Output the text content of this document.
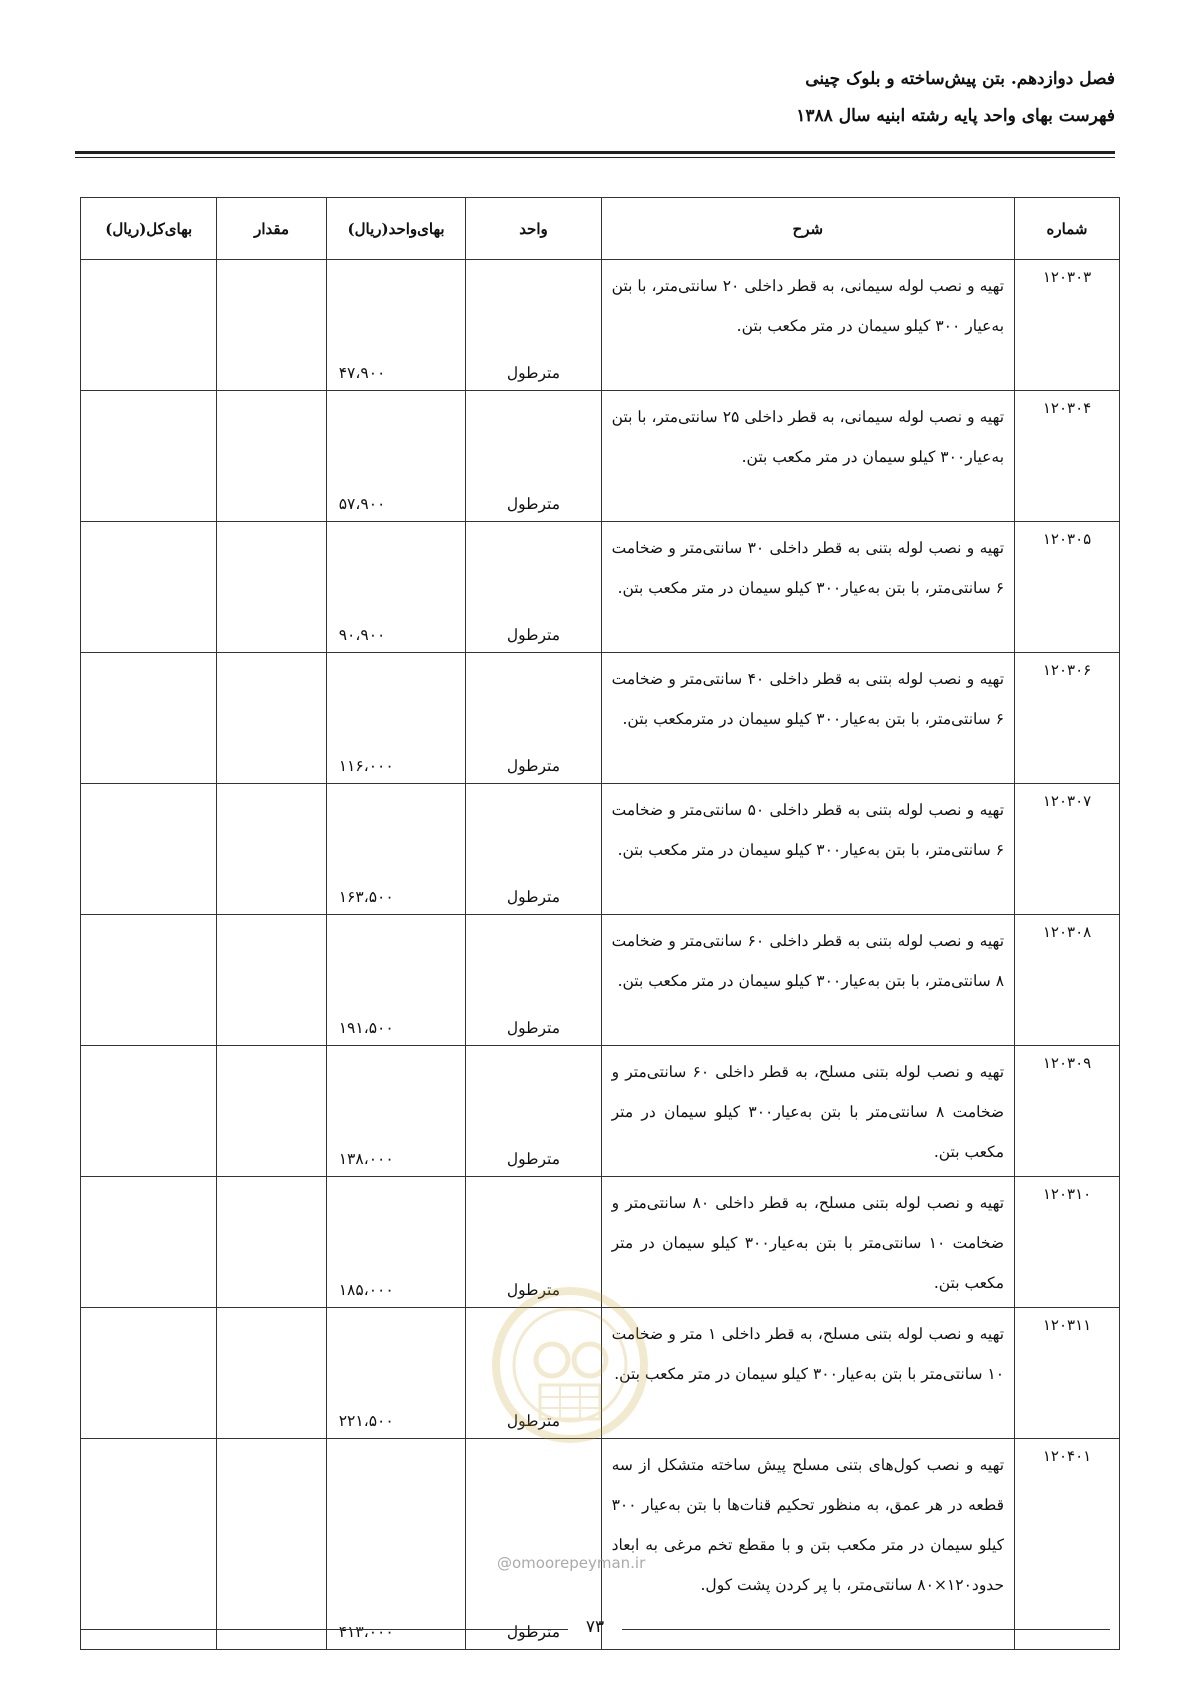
فصل دوازدهم. بتن پیش‌ساخته و بلوک چینی
فهرست بهای واحد پایه رشته ابنیه سال ۱۳۸۸
شماره	شرح	واحد	بهای‌واحد(ریال)	مقدار	بهای‌کل(ریال)
۱۲۰۳۰۳	تهیه و نصب لوله سیمانی، به قطر داخلی ۲۰ سانتی‌متر، با بتن به‌عیار ۳۰۰ کیلو سیمان در متر مکعب بتن.	مترطول	۴۷،۹۰۰		
۱۲۰۳۰۴	تهیه و نصب لوله سیمانی، به قطر داخلی ۲۵ سانتی‌متر، با بتن به‌عیار۳۰۰ کیلو سیمان در متر مکعب بتن.	مترطول	۵۷،۹۰۰		
۱۲۰۳۰۵	تهیه و نصب لوله بتنی به قطر داخلی ۳۰ سانتی‌متر و ضخامت ۶ سانتی‌متر، با بتن به‌عیار۳۰۰ کیلو سیمان در متر مکعب بتن.	مترطول	۹۰،۹۰۰		
۱۲۰۳۰۶	تهیه و نصب لوله بتنی به قطر داخلی ۴۰ سانتی‌متر و ضخامت ۶ سانتی‌متر، با بتن به‌عیار۳۰۰ کیلو سیمان در مترمکعب بتن.	مترطول	۱۱۶،۰۰۰		
۱۲۰۳۰۷	تهیه و نصب لوله بتنی به قطر داخلی ۵۰ سانتی‌متر و ضخامت ۶ سانتی‌متر، با بتن به‌عیار۳۰۰ کیلو سیمان در متر مکعب بتن.	مترطول	۱۶۳،۵۰۰		
۱۲۰۳۰۸	تهیه و نصب لوله بتنی به قطر داخلی ۶۰ سانتی‌متر و ضخامت ۸ سانتی‌متر، با بتن به‌عیار۳۰۰ کیلو سیمان در متر مکعب بتن.	مترطول	۱۹۱،۵۰۰		
۱۲۰۳۰۹	تهیه و نصب لوله بتنی مسلح، به قطر داخلی ۶۰ سانتی‌متر و ضخامت ۸ سانتی‌متر با بتن به‌عیار۳۰۰ کیلو سیمان در متر مکعب بتن.	مترطول	۱۳۸،۰۰۰		
۱۲۰۳۱۰	تهیه و نصب لوله بتنی مسلح، به قطر داخلی ۸۰ سانتی‌متر و ضخامت ۱۰ سانتی‌متر با بتن به‌عیار۳۰۰ کیلو سیمان در متر مکعب بتن.	مترطول	۱۸۵،۰۰۰		
۱۲۰۳۱۱	تهیه و نصب لوله بتنی مسلح، به قطر داخلی ۱ متر و ضخامت ۱۰ سانتی‌متر با بتن به‌عیار۳۰۰ کیلو سیمان در متر مکعب بتن.	مترطول	۲۲۱،۵۰۰		
۱۲۰۴۰۱	تهیه و نصب کول‌های بتنی مسلح پیش ساخته متشکل از سه قطعه در هر عمق، به منظور تحکیم قنات‌ها با بتن به‌عیار ۳۰۰ کیلو سیمان در متر مکعب بتن و با مقطع تخم مرغی به ابعاد حدود۱۲۰×۸۰ سانتی‌متر، با پر کردن پشت کول.	مترطول	۴۱۳،۰۰۰		
@omoorepeyman.ir
۷۳
